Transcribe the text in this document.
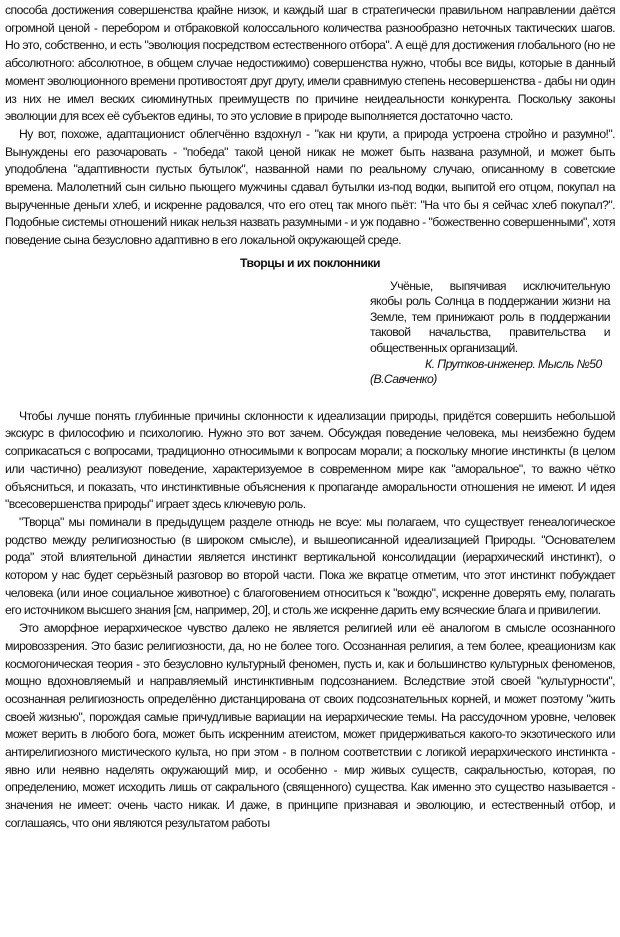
способа достижения совершенства крайне низок, и каждый шаг в стратегически правильном направлении даётся огромной ценой - перебором и отбраковкой колоссального количества разнообразно неточных тактических шагов. Но это, собственно, и есть "эволюция посредством естественного отбора". А ещё для достижения глобального (но не абсолютного: абсолютное, в общем случае недостижимо) совершенства нужно, чтобы все виды, которые в данный момент эволюционного времени противостоят друг другу, имели сравнимую степень несовершенства - дабы ни один из них не имел веских сиюминутных преимуществ по причине неидеальности конкурента. Поскольку законы эволюции для всех её субъектов едины, то это условие в природе выполняется достаточно часто.

Ну вот, похоже, адаптационист облегчённо вздохнул - "как ни крути, а природа устроена стройно и разумно!". Вынуждены его разочаровать - "победа" такой ценой никак не может быть названа разумной, и может быть уподоблена "адаптивности пустых бутылок", названной нами по реальному случаю, описанному в советские времена. Малолетний сын сильно пьющего мужчины сдавал бутылки из-под водки, выпитой его отцом, покупал на вырученные деньги хлеб, и искренне радовался, что его отец так много пьёт: "На что бы я сейчас хлеб покупал?". Подобные системы отношений никак нельзя назвать разумными - и уж подавно - "божественно совершенными", хотя поведение сына безусловно адаптивно в его локальной окружающей среде.

Творцы и их поклонники

Учёные, выпячивая исключительную якобы роль Солнца в поддержании жизни на Земле, тем принижают роль в поддержании таковой начальства, правительства и общественных организаций.

К. Прутков-инженер. Мысль №50

(В.Савченко)

Чтобы лучше понять глубинные причины склонности к идеализации природы, придётся совершить небольшой экскурс в философию и психологию. Нужно это вот зачем. Обсуждая поведение человека, мы неизбежно будем соприкасаться с вопросами, традиционно относимыми к вопросам морали; а поскольку многие инстинкты (в целом или частично) реализуют поведение, характеризуемое в современном мире как "аморальное", то важно чётко объясниться, и показать, что инстинктивные объяснения к пропаганде аморальности отношения не имеют. И идея "всесовершенства природы" играет здесь ключевую роль.

"Творца" мы поминали в предыдущем разделе отнюдь не всуе: мы полагаем, что существует генеалогическое родство между религиозностью (в широком смысле), и вышеописанной идеализацией Природы. "Основателем рода" этой влиятельной династии является инстинкт вертикальной консолидации (иерархический инстинкт), о котором у нас будет серьёзный разговор во второй части. Пока же вкратце отметим, что этот инстинкт побуждает человека (или иное социальное животное) с благоговением относиться к "вождю", искренне доверять ему, полагать его источником высшего знания [см, например, 20], и столь же искренне дарить ему всяческие блага и привилегии.

Это аморфное иерархическое чувство далеко не является религией или её аналогом в смысле осознанного мировоззрения. Это базис религиозности, да, но не более того. Осознанная религия, а тем более, креационизм как космогоническая теория - это безусловно культурный феномен, пусть и, как и большинство культурных феноменов, мощно вдохновляемый и направляемый инстинктивным подсознанием. Вследствие этой своей "культурности", осознанная религиозность определённо дистанцирована от своих подсознательных корней, и может поэтому "жить своей жизнью", порождая самые причудливые вариации на иерархические темы. На рассудочном уровне, человек может верить в любого бога, может быть искренним атеистом, может придерживаться какого-то экзотического или антирелигиозного мистического культа, но при этом - в полном соответствии с логикой иерархического инстинкта - явно или неявно наделять окружающий мир, и особенно - мир живых существ, сакральностью, которая, по определению, может исходить лишь от сакрального (священного) существа. Как именно это существо называется - значения не имеет: очень часто никак. И даже, в принципе признавая и эволюцию, и естественный отбор, и соглашаясь, что они являются результатом работы
